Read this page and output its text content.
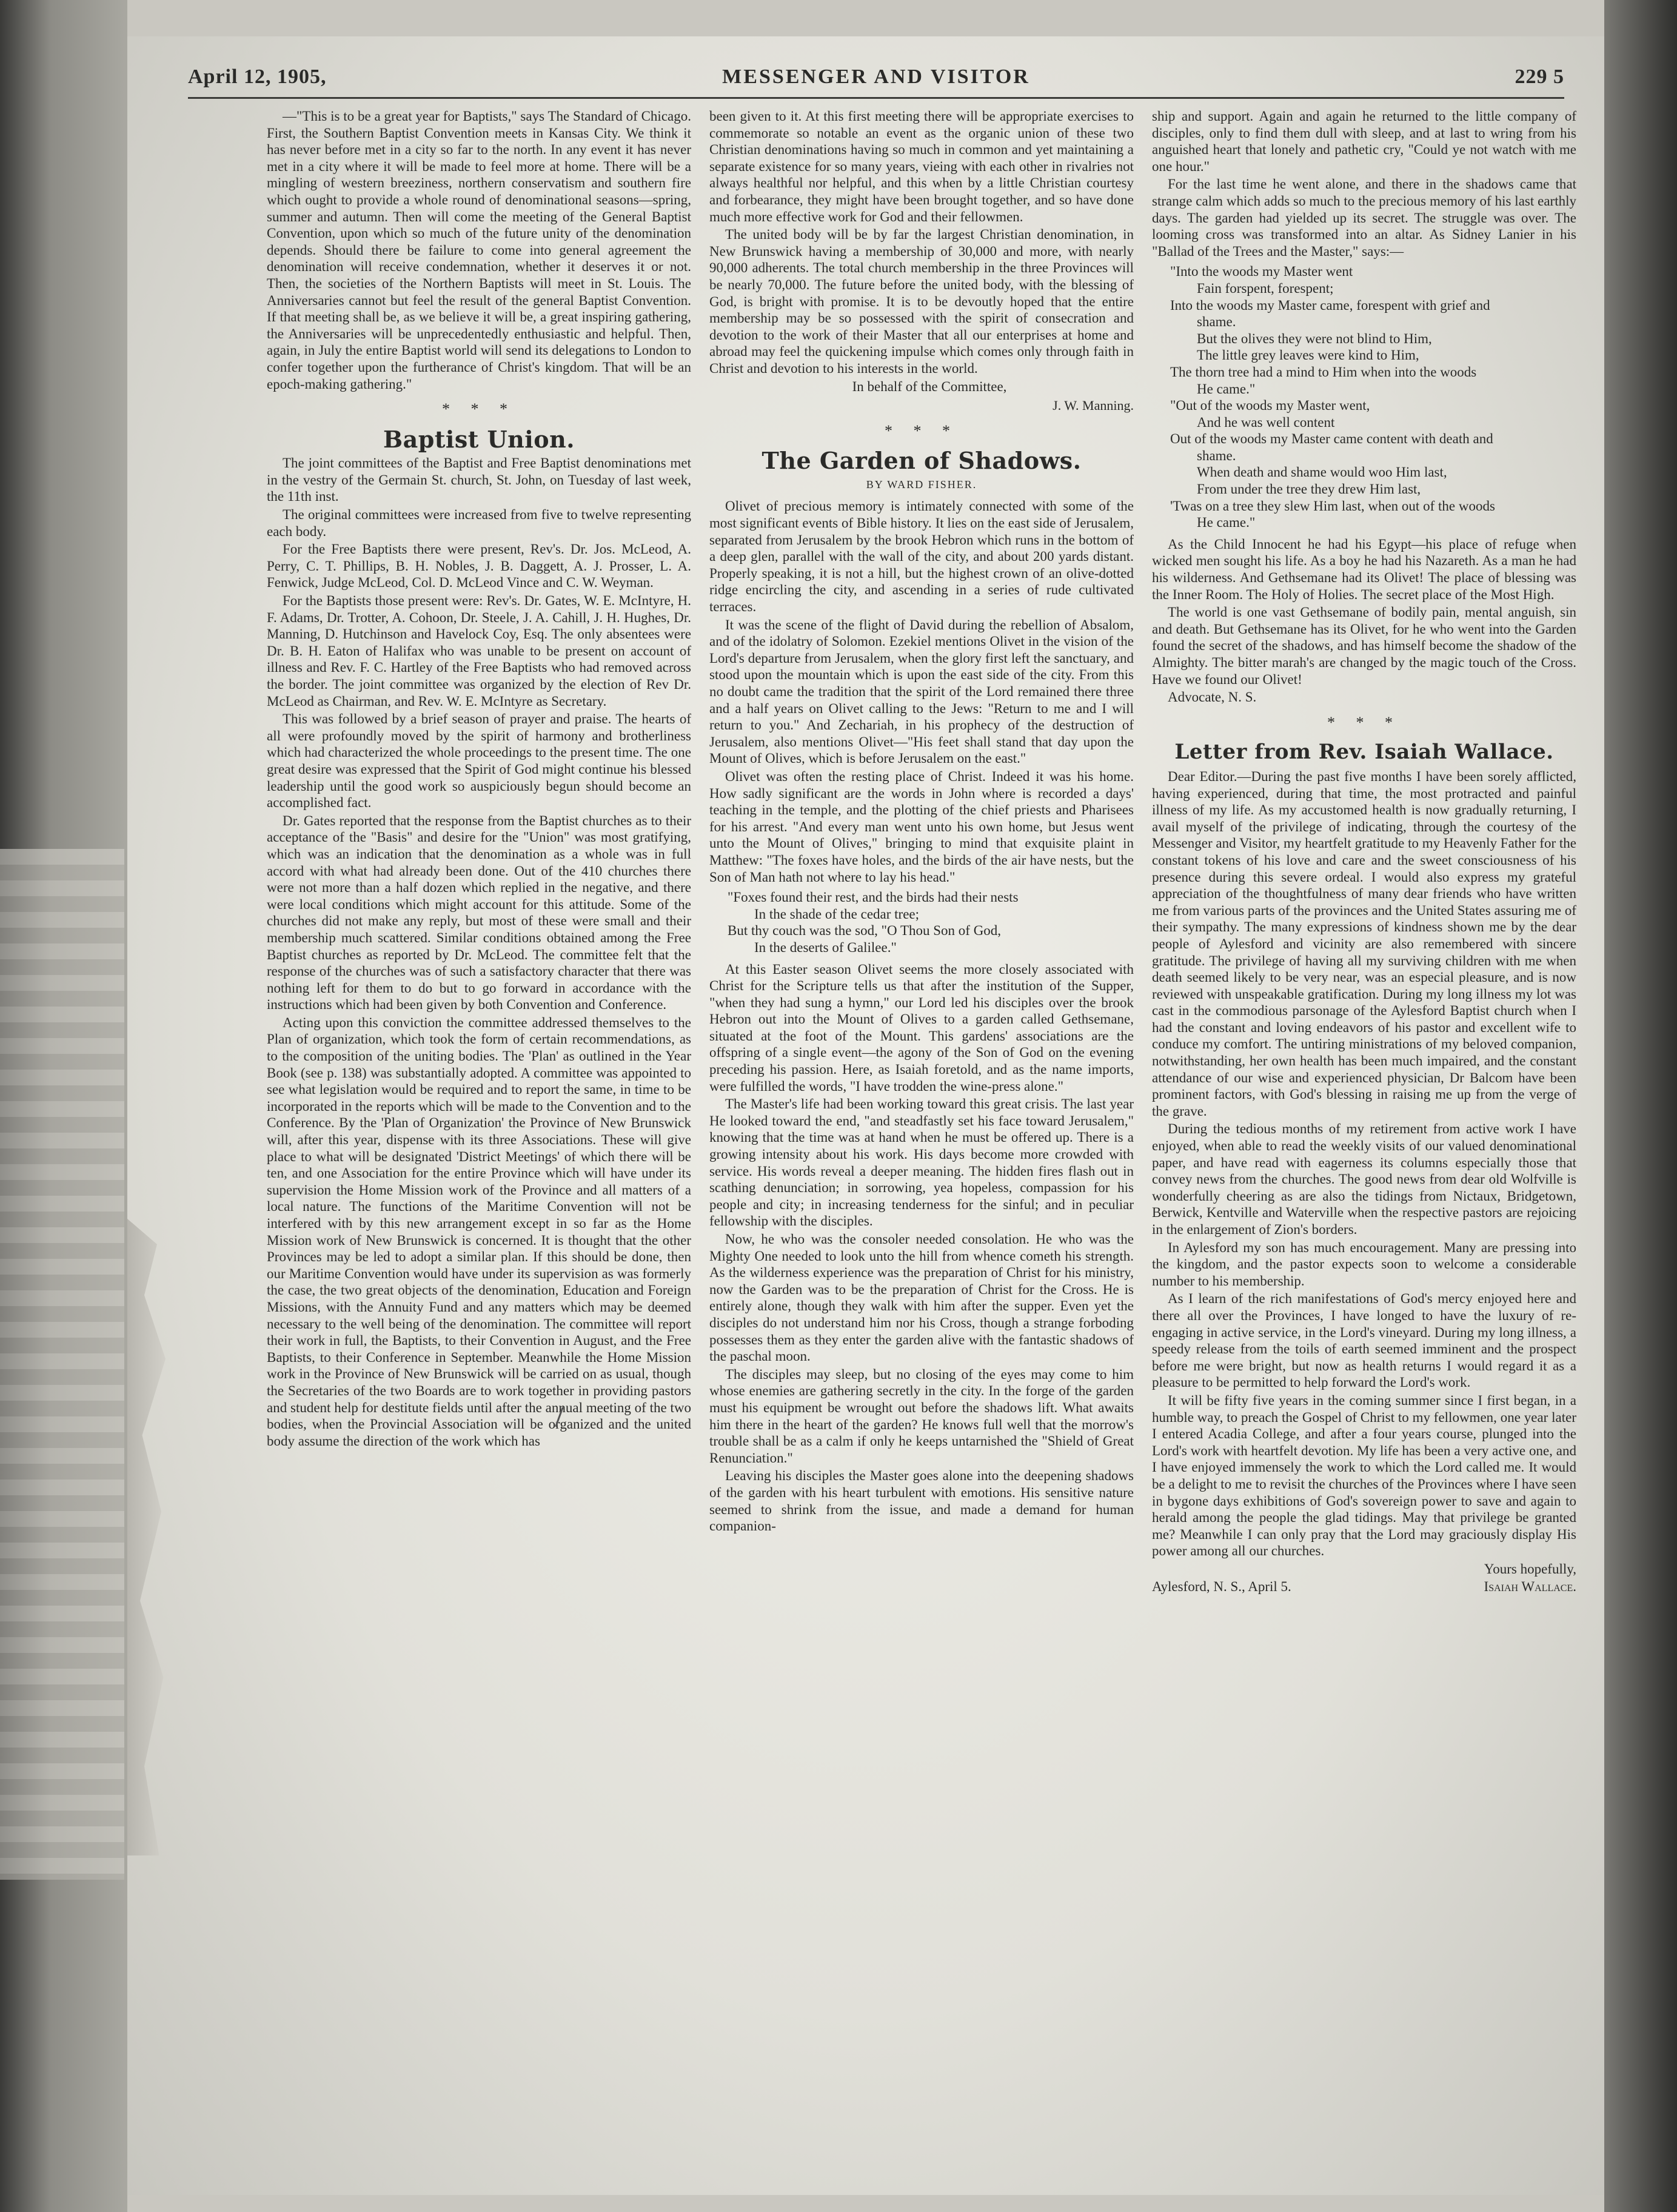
April 12, 1905,	MESSENGER AND VISITOR	229 5

—"This is to be a great year for Baptists," says The Standard of Chicago. First, the Southern Baptist Convention meets in Kansas City. We think it has never before met in a city so far to the north. In any event it has never met in a city where it will be made to feel more at home. There will be a mingling of western breeziness, northern conservatism and southern fire which ought to provide a whole round of denominational seasons—spring, summer and autumn. Then will come the meeting of the General Baptist Convention, upon which so much of the future unity of the denomination depends. Should there be failure to come into general agreement the denomination will receive condemnation, whether it deserves it or not. Then, the societies of the Northern Baptists will meet in St. Louis. The Anniversaries cannot but feel the result of the general Baptist Convention. If that meeting shall be, as we believe it will be, a great inspiring gathering, the Anniversaries will be unprecedentedly enthusiastic and helpful. Then, again, in July the entire Baptist world will send its delegations to London to confer together upon the furtherance of Christ's kingdom. That will be an epoch-making gathering."

* * *
Baptist Union.

The joint committees of the Baptist and Free Baptist denominations met in the vestry of the Germain St. church, St. John, on Tuesday of last week, the 11th inst.

The original committees were increased from five to twelve representing each body.

For the Free Baptists there were present, Rev's. Dr. Jos. McLeod, A. Perry, C. T. Phillips, B. H. Nobles, J. B. Daggett, A. J. Prosser, L. A. Fenwick, Judge McLeod, Col. D. McLeod Vince and C. W. Weyman.

For the Baptists those present were: Rev's. Dr. Gates, W. E. McIntyre, H. F. Adams, Dr. Trotter, A. Cohoon, Dr. Steele, J. A. Cahill, J. H. Hughes, Dr. Manning, D. Hutchinson and Havelock Coy, Esq. The only absentees were Dr. B. H. Eaton of Halifax who was unable to be present on account of illness and Rev. F. C. Hartley of the Free Baptists who had removed across the border. The joint committee was organized by the election of Rev Dr. McLeod as Chairman, and Rev. W. E. McIntyre as Secretary.

This was followed by a brief season of prayer and praise. The hearts of all were profoundly moved by the spirit of harmony and brotherliness which had characterized the whole proceedings to the present time. The one great desire was expressed that the Spirit of God might continue his blessed leadership until the good work so auspiciously begun should become an accomplished fact.

Dr. Gates reported that the response from the Baptist churches as to their acceptance of the "Basis" and desire for the "Union" was most gratifying, which was an indication that the denomination as a whole was in full accord with what had already been done. Out of the 410 churches there were not more than a half dozen which replied in the negative, and there were local conditions which might account for this attitude. Some of the churches did not make any reply, but most of these were small and their membership much scattered. Similar conditions obtained among the Free Baptist churches as reported by Dr. McLeod. The committee felt that the response of the churches was of such a satisfactory character that there was nothing left for them to do but to go forward in accordance with the instructions which had been given by both Convention and Conference.

Acting upon this conviction the committee addressed themselves to the Plan of organization, which took the form of certain recommendations, as to the composition of the uniting bodies. The 'Plan' as outlined in the Year Book (see p. 138) was substantially adopted. A committee was appointed to see what legislation would be required and to report the same, in time to be incorporated in the reports which will be made to the Convention and to the Conference. By the 'Plan of Organization' the Province of New Brunswick will, after this year, dispense with its three Associations. These will give place to what will be designated 'District Meetings' of which there will be ten, and one Association for the entire Province which will have under its supervision the Home Mission work of the Province and all matters of a local nature. The functions of the Maritime Convention will not be interfered with by this new arrangement except in so far as the Home Mission work of New Brunswick is concerned. It is thought that the other Provinces may be led to adopt a similar plan. If this should be done, then our Maritime Convention would have under its supervision as was formerly the case, the two great objects of the denomination, Education and Foreign Missions, with the Annuity Fund and any matters which may be deemed necessary to the well being of the denomination. The committee will report their work in full, the Baptists, to their Convention in August, and the Free Baptists, to their Conference in September. Meanwhile the Home Mission work in the Province of New Brunswick will be carried on as usual, though the Secretaries of the two Boards are to work together in providing pastors and student help for destitute fields until after the annual meeting of the two bodies, when the Provincial Association will be organized and the united body assume the direction of the work which has

been given to it. At this first meeting there will be appropriate exercises to commemorate so notable an event as the organic union of these two Christian denominations having so much in common and yet maintaining a separate existence for so many years, vieing with each other in rivalries not always healthful nor helpful, and this when by a little Christian courtesy and forbearance, they might have been brought together, and so have done much more effective work for God and their fellowmen.

The united body will be by far the largest Christian denomination, in New Brunswick having a membership of 30,000 and more, with nearly 90,000 adherents. The total church membership in the three Provinces will be nearly 70,000. The future before the united body, with the blessing of God, is bright with promise. It is to be devoutly hoped that the entire membership may be so possessed with the spirit of consecration and devotion to the work of their Master that all our enterprises at home and abroad may feel the quickening impulse which comes only through faith in Christ and devotion to his interests in the world.

In behalf of the Committee,

J. W. Manning.
* * *
The Garden of Shadows.
BY WARD FISHER.

Olivet of precious memory is intimately connected with some of the most significant events of Bible history. It lies on the east side of Jerusalem, separated from Jerusalem by the brook Hebron which runs in the bottom of a deep glen, parallel with the wall of the city, and about 200 yards distant. Properly speaking, it is not a hill, but the highest crown of an olive-dotted ridge encircling the city, and ascending in a series of rude cultivated terraces.

It was the scene of the flight of David during the rebellion of Absalom, and of the idolatry of Solomon. Ezekiel mentions Olivet in the vision of the Lord's departure from Jerusalem, when the glory first left the sanctuary, and stood upon the mountain which is upon the east side of the city. From this no doubt came the tradition that the spirit of the Lord remained there three and a half years on Olivet calling to the Jews: "Return to me and I will return to you." And Zechariah, in his prophecy of the destruction of Jerusalem, also mentions Olivet—"His feet shall stand that day upon the Mount of Olives, which is before Jerusalem on the east."

Olivet was often the resting place of Christ. Indeed it was his home. How sadly significant are the words in John where is recorded a days' teaching in the temple, and the plotting of the chief priests and Pharisees for his arrest. "And every man went unto his own home, but Jesus went unto the Mount of Olives," bringing to mind that exquisite plaint in Matthew: "The foxes have holes, and the birds of the air have nests, but the Son of Man hath not where to lay his head."

"Foxes found their rest, and the birds had their nests
In the shade of the cedar tree;
But thy couch was the sod, "O Thou Son of God,
In the deserts of Galilee."

At this Easter season Olivet seems the more closely associated with Christ for the Scripture tells us that after the institution of the Supper, "when they had sung a hymn," our Lord led his disciples over the brook Hebron out into the Mount of Olives to a garden called Gethsemane, situated at the foot of the Mount. This gardens' associations are the offspring of a single event—the agony of the Son of God on the evening preceding his passion. Here, as Isaiah foretold, and as the name imports, were fulfilled the words, "I have trodden the wine-press alone."

The Master's life had been working toward this great crisis. The last year He looked toward the end, "and steadfastly set his face toward Jerusalem," knowing that the time was at hand when he must be offered up. There is a growing intensity about his work. His days become more crowded with service. His words reveal a deeper meaning. The hidden fires flash out in scathing denunciation; in sorrowing, yea hopeless, compassion for his people and city; in increasing tenderness for the sinful; and in peculiar fellowship with the disciples.

Now, he who was the consoler needed consolation. He who was the Mighty One needed to look unto the hill from whence cometh his strength. As the wilderness experience was the preparation of Christ for his ministry, now the Garden was to be the preparation of Christ for the Cross. He is entirely alone, though they walk with him after the supper. Even yet the disciples do not understand him nor his Cross, though a strange forboding possesses them as they enter the garden alive with the fantastic shadows of the paschal moon.

The disciples may sleep, but no closing of the eyes may come to him whose enemies are gathering secretly in the city. In the forge of the garden must his equipment be wrought out before the shadows lift. What awaits him there in the heart of the garden? He knows full well that the morrow's trouble shall be as a calm if only he keeps untarnished the "Shield of Great Renunciation."

Leaving his disciples the Master goes alone into the deepening shadows of the garden with his heart turbulent with emotions. His sensitive nature seemed to shrink from the issue, and made a demand for human companion-

ship and support. Again and again he returned to the little company of disciples, only to find them dull with sleep, and at last to wring from his anguished heart that lonely and pathetic cry, "Could ye not watch with me one hour."

For the last time he went alone, and there in the shadows came that strange calm which adds so much to the precious memory of his last earthly days. The garden had yielded up its secret. The struggle was over. The looming cross was transformed into an altar. As Sidney Lanier in his "Ballad of the Trees and the Master," says:—

"Into the woods my Master went
Fain forspent, forespent;
Into the woods my Master came, forespent with grief and
shame.
But the olives they were not blind to Him,
The little grey leaves were kind to Him,
The thorn tree had a mind to Him when into the woods
He came."
"Out of the woods my Master went,
And he was well content
Out of the woods my Master came content with death and
shame.
When death and shame would woo Him last,
From under the tree they drew Him last,
'Twas on a tree they slew Him last, when out of the woods
He came."

As the Child Innocent he had his Egypt—his place of refuge when wicked men sought his life. As a boy he had his Nazareth. As a man he had his wilderness. And Gethsemane had its Olivet! The place of blessing was the Inner Room. The Holy of Holies. The secret place of the Most High.

The world is one vast Gethsemane of bodily pain, mental anguish, sin and death. But Gethsemane has its Olivet, for he who went into the Garden found the secret of the shadows, and has himself become the shadow of the Almighty. The bitter marah's are changed by the magic touch of the Cross. Have we found our Olivet!

Advocate, N. S.

* * *
Letter from Rev. Isaiah Wallace.

Dear Editor.—During the past five months I have been sorely afflicted, having experienced, during that time, the most protracted and painful illness of my life. As my accustomed health is now gradually returning, I avail myself of the privilege of indicating, through the courtesy of the Messenger and Visitor, my heartfelt gratitude to my Heavenly Father for the constant tokens of his love and care and the sweet consciousness of his presence during this severe ordeal. I would also express my grateful appreciation of the thoughtfulness of many dear friends who have written me from various parts of the provinces and the United States assuring me of their sympathy. The many expressions of kindness shown me by the dear people of Aylesford and vicinity are also remembered with sincere gratitude. The privilege of having all my surviving children with me when death seemed likely to be very near, was an especial pleasure, and is now reviewed with unspeakable gratification. During my long illness my lot was cast in the commodious parsonage of the Aylesford Baptist church when I had the constant and loving endeavors of his pastor and excellent wife to conduce my comfort. The untiring ministrations of my beloved companion, notwithstanding, her own health has been much impaired, and the constant attendance of our wise and experienced physician, Dr Balcom have been prominent factors, with God's blessing in raising me up from the verge of the grave.

During the tedious months of my retirement from active work I have enjoyed, when able to read the weekly visits of our valued denominational paper, and have read with eagerness its columns especially those that convey news from the churches. The good news from dear old Wolfville is wonderfully cheering as are also the tidings from Nictaux, Bridgetown, Berwick, Kentville and Waterville when the respective pastors are rejoicing in the enlargement of Zion's borders.

In Aylesford my son has much encouragement. Many are pressing into the kingdom, and the pastor expects soon to welcome a considerable number to his membership.

As I learn of the rich manifestations of God's mercy enjoyed here and there all over the Provinces, I have longed to have the luxury of re-engaging in active service, in the Lord's vineyard. During my long illness, a speedy release from the toils of earth seemed imminent and the prospect before me were bright, but now as health returns I would regard it as a pleasure to be permitted to help forward the Lord's work.

It will be fifty five years in the coming summer since I first began, in a humble way, to preach the Gospel of Christ to my fellowmen, one year later I entered Acadia College, and after a four years course, plunged into the Lord's work with heartfelt devotion. My life has been a very active one, and I have enjoyed immensely the work to which the Lord called me. It would be a delight to me to revisit the churches of the Provinces where I have seen in bygone days exhibitions of God's sovereign power to save and again to herald among the people the glad tidings. May that privilege be granted me? Meanwhile I can only pray that the Lord may graciously display His power among all our churches.

Yours hopefully,
Aylesford, N. S., April 5.	Isaiah Wallace.
